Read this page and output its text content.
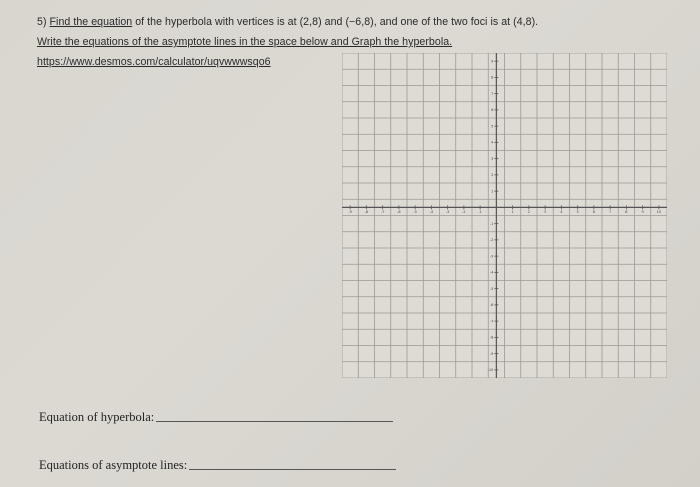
5) Find the equation of the hyperbola with vertices is at (2,8) and (−6,8), and one of the two foci is at (4,8).
Write the equations of the asymptote lines in the space below and Graph the hyperbola.
https://www.desmos.com/calculator/uqvwwwsqo6
-9	-8	-7	-6	-5	-4	-3	-2	-1	1	2	3	4	5	6	7	8	9	10
9
8
7
6
5
4
3
2
1
-1
-2
-3
-4
-5
-6
-7
-8
-9
-10
Equation of hyperbola:
Equations of asymptote lines:
